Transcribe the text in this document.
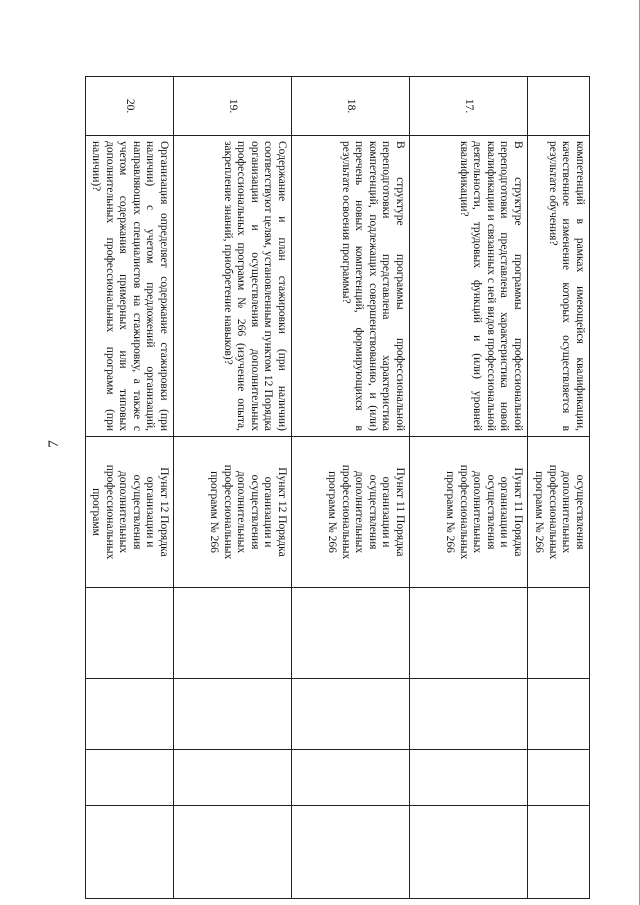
7

	компетенций в рамках имеющейся квалификации, качественное изменение которых осуществляется в результате обучения?	осуществления дополнительных профессиональных программ № 266				
17.	В структуре программы профессиональной переподготовки представлена характеристика новой квалификации и связанных с ней видов профессиональной деятельности, трудовых функций и (или) уровней квалификации?	Пункт 11 Порядка организации и осуществления дополнительных профессиональных программ № 266				
18.	В структуре программы профессиональной переподготовки представлена характеристика компетенций, подлежащих совершенствованию, и (или) перечень новых компетенций, формирующихся в результате освоения программы?	Пункт 11 Порядка организации и осуществления дополнительных профессиональных программ № 266				
19.	Содержание и план стажировки (при наличии) соответствуют целям, установленным пунктом 12 Порядка организации и осуществления дополнительных профессиональных программ № 266 (изучение опыта, закрепление знаний, приобретение навыков)?	Пункт 12 Порядка организации и осуществления дополнительных профессиональных программ № 266				
20.	Организация определяет содержание стажировки (при наличии) с учетом предложений организаций, направляющих специалистов на стажировку, а также с учетом содержания примерных или типовых дополнительных профессиональных программ (при наличии)?	Пункт 12 Порядка организации и осуществления дополнительных профессиональных программ				
